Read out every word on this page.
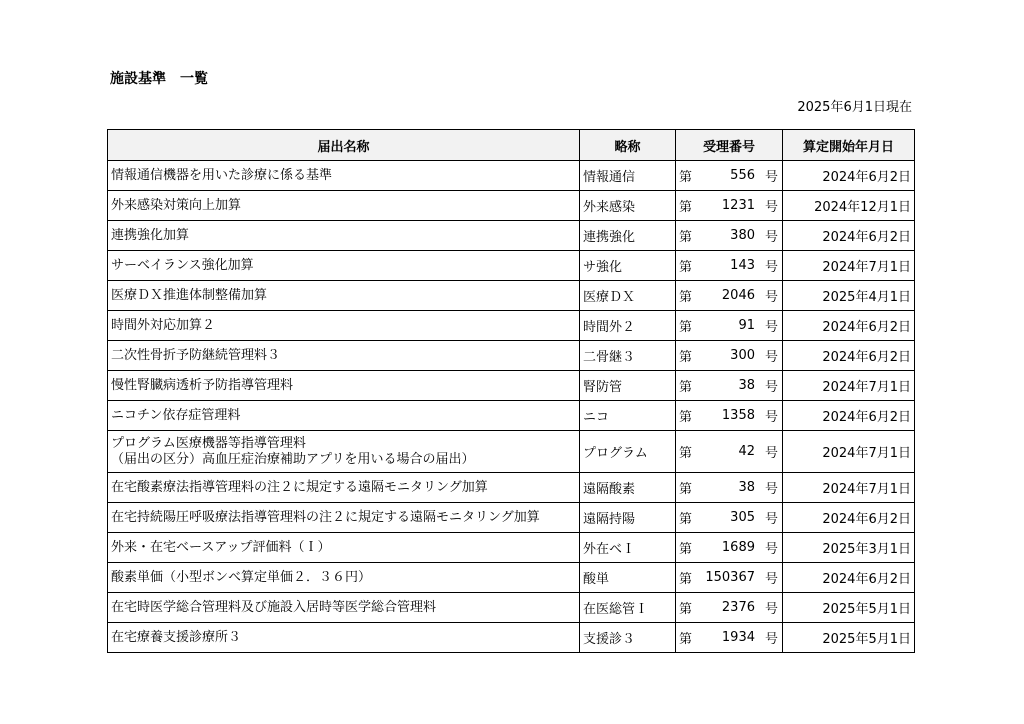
施設基準　一覧
2025年6月1日現在
届出名称	略称	受理番号	算定開始年月日

情報通信機器を用いた診療に係る基準	情報通信	第 556 号	2024年6月2日

外来感染対策向上加算	外来感染	第 1231 号	2024年12月1日

連携強化加算	連携強化	第 380 号	2024年6月2日

サーベイランス強化加算	サ強化	第 143 号	2024年7月1日

医療ＤＸ推進体制整備加算	医療ＤＸ	第 2046 号	2025年4月1日

時間外対応加算２	時間外２	第 91 号	2024年6月2日

二次性骨折予防継続管理料３	二骨継３	第 300 号	2024年6月2日

慢性腎臓病透析予防指導管理料	腎防管	第 38 号	2024年7月1日

ニコチン依存症管理料	ニコ	第 1358 号	2024年6月2日

プログラム医療機器等指導管理料
（届出の区分）高血圧症治療補助アプリを用いる場合の届出）	プログラム	第 42 号	2024年7月1日

在宅酸素療法指導管理料の注２に規定する遠隔モニタリング加算	遠隔酸素	第 38 号	2024年7月1日

在宅持続陽圧呼吸療法指導管理料の注２に規定する遠隔モニタリング加算	遠隔持陽	第 305 号	2024年6月2日

外来・在宅ベースアップ評価料（Ｉ）	外在ベＩ	第 1689 号	2025年3月1日

酸素単価（小型ボンベ算定単価２．３６円）	酸単	第 150367 号	2024年6月2日

在宅時医学総合管理料及び施設入居時等医学総合管理料	在医総管Ｉ	第 2376 号	2025年5月1日

在宅療養支援診療所３	支援診３	第 1934 号	2025年5月1日
